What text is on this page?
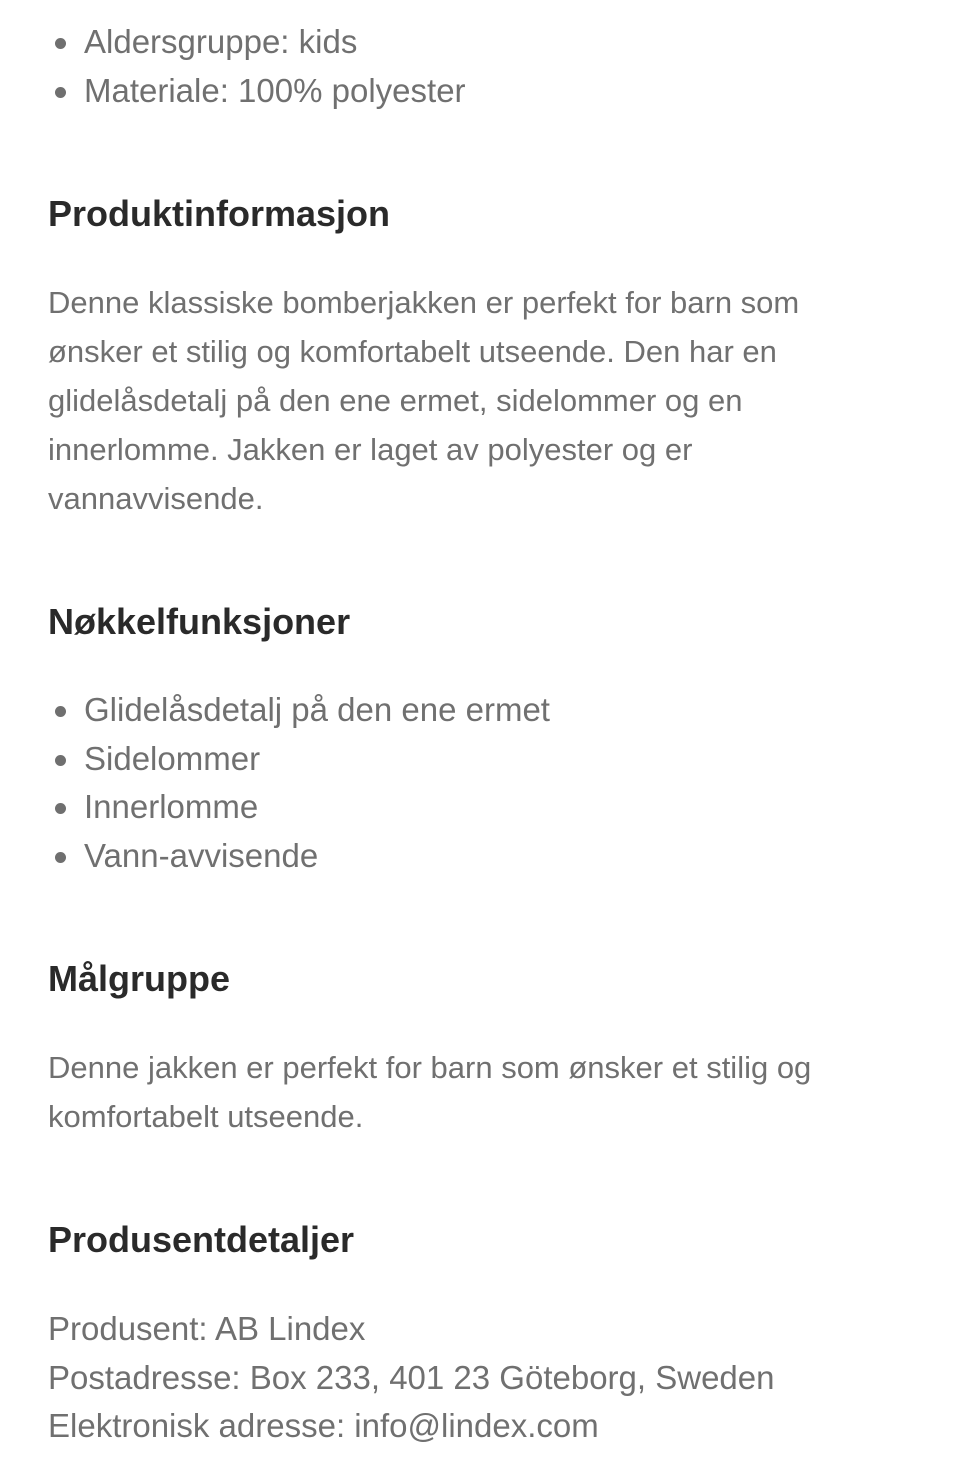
Aldersgruppe: kids
Materiale: 100% polyester
Produktinformasjon

Denne klassiske bomberjakken er perfekt for barn som ønsker et stilig og komfortabelt utseende. Den har en glidelåsdetalj på den ene ermet, sidelommer og en innerlomme. Jakken er laget av polyester og er vannavvisende.

Nøkkelfunksjoner
Glidelåsdetalj på den ene ermet
Sidelommer
Innerlomme
Vann-avvisende
Målgruppe

Denne jakken er perfekt for barn som ønsker et stilig og komfortabelt utseende.

Produsentdetaljer
Produsent: AB Lindex
Postadresse: Box 233, 401 23 Göteborg, Sweden
Elektronisk adresse: info@lindex.com
